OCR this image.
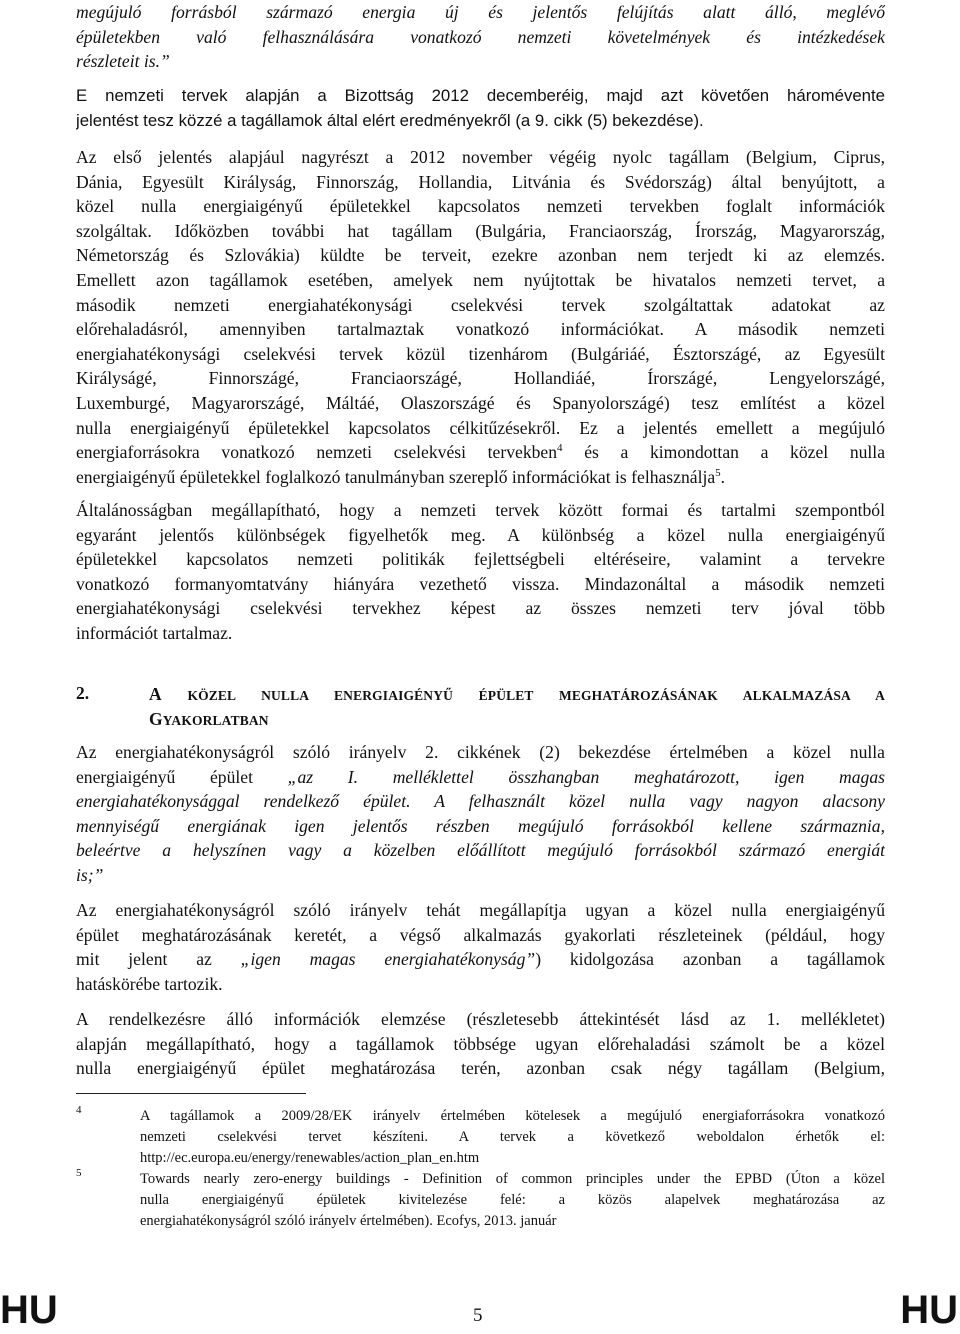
megújuló forrásból származó energia új és jelentős felújítás alatt álló, meglévő
épületekben való felhasználására vonatkozó nemzeti követelmények és intézkedések
részleteit is.”
E nemzeti tervek alapján a Bizottság 2012 decemberéig, majd azt követően háromévente
jelentést tesz közzé a tagállamok által elért eredményekről (a 9. cikk (5) bekezdése).
Az első jelentés alapjául nagyrészt a 2012 november végéig nyolc tagállam (Belgium, Ciprus,
Dánia, Egyesült Királyság, Finnország, Hollandia, Litvánia és Svédország) által benyújtott, a
közel nulla energiaigényű épületekkel kapcsolatos nemzeti tervekben foglalt információk
szolgáltak. Időközben további hat tagállam (Bulgária, Franciaország, Írország, Magyarország,
Németország és Szlovákia) küldte be terveit, ezekre azonban nem terjedt ki az elemzés.
Emellett azon tagállamok esetében, amelyek nem nyújtottak be hivatalos nemzeti tervet, a
második nemzeti energiahatékonysági cselekvési tervek szolgáltattak adatokat az
előrehaladásról, amennyiben tartalmaztak vonatkozó információkat. A második nemzeti
energiahatékonysági cselekvési tervek közül tizenhárom (Bulgáriáé, Észtországé, az Egyesült
Királyságé, Finnországé, Franciaországé, Hollandiáé, Írországé, Lengyelországé,
Luxemburgé, Magyarországé, Máltáé, Olaszországé és Spanyolországé) tesz említést a közel
nulla energiaigényű épületekkel kapcsolatos célkitűzésekről. Ez a jelentés emellett a megújuló
energiaforrásokra vonatkozó nemzeti cselekvési tervekben$^4$ és a kimondottan a közel nulla
energiaigényű épületekkel foglalkozó tanulmányban szereplő információkat is felhasználja$^5$.
Általánosságban megállapítható, hogy a nemzeti tervek között formai és tartalmi szempontból
egyaránt jelentős különbségek figyelhetők meg. A különbség a közel nulla energiaigényű
épületekkel kapcsolatos nemzeti politikák fejlettségbeli eltéréseire, valamint a tervekre
vonatkozó formanyomtatvány hiányára vezethető vissza. Mindazonáltal a második nemzeti
energiahatékonysági cselekvési tervekhez képest az összes nemzeti terv jóval több
információt tartalmaz.
2.	A KÖZEL NULLA ENERGIAIGÉNYŰ ÉPÜLET MEGHATÁROZÁSÁNAK ALKALMAZÁSA A
GYAKORLATBAN
Az energiahatékonyságról szóló irányelv 2. cikkének (2) bekezdése értelmében a közel nulla
energiaigényű épület „az I. melléklettel összhangban meghatározott, igen magas
energiahatékonysággal rendelkező épület. A felhasznált közel nulla vagy nagyon alacsony
mennyiségű energiának igen jelentős részben megújuló forrásokból kellene származnia,
beleértve a helyszínen vagy a közelben előállított megújuló forrásokból származó energiát
is;”
Az energiahatékonyságról szóló irányelv tehát megállapítja ugyan a közel nulla energiaigényű
épület meghatározásának keretét, a végső alkalmazás gyakorlati részleteinek (például, hogy
mit jelent az „igen magas energiahatékonyság”) kidolgozása azonban a tagállamok
hatáskörébe tartozik.
A rendelkezésre álló információk elemzése (részletesebb áttekintését lásd az 1. mellékletet)
alapján megállapítható, hogy a tagállamok többsége ugyan előrehaladási számolt be a közel
nulla energiaigényű épület meghatározása terén, azonban csak négy tagállam (Belgium,
4	A tagállamok a 2009/28/EK irányelv értelmében kötelesek a megújuló energiaforrásokra vonatkozó
nemzeti cselekvési tervet készíteni. A tervek a következő weboldalon érhetők el:
http://ec.europa.eu/energy/renewables/action_plan_en.htm
5	Towards nearly zero-energy buildings - Definition of common principles under the EPBD (Úton a közel
nulla energiaigényű épületek kivitelezése felé: a közös alapelvek meghatározása az
energiahatékonyságról szóló irányelv értelmében). Ecofys, 2013. január
HU	5	HU
